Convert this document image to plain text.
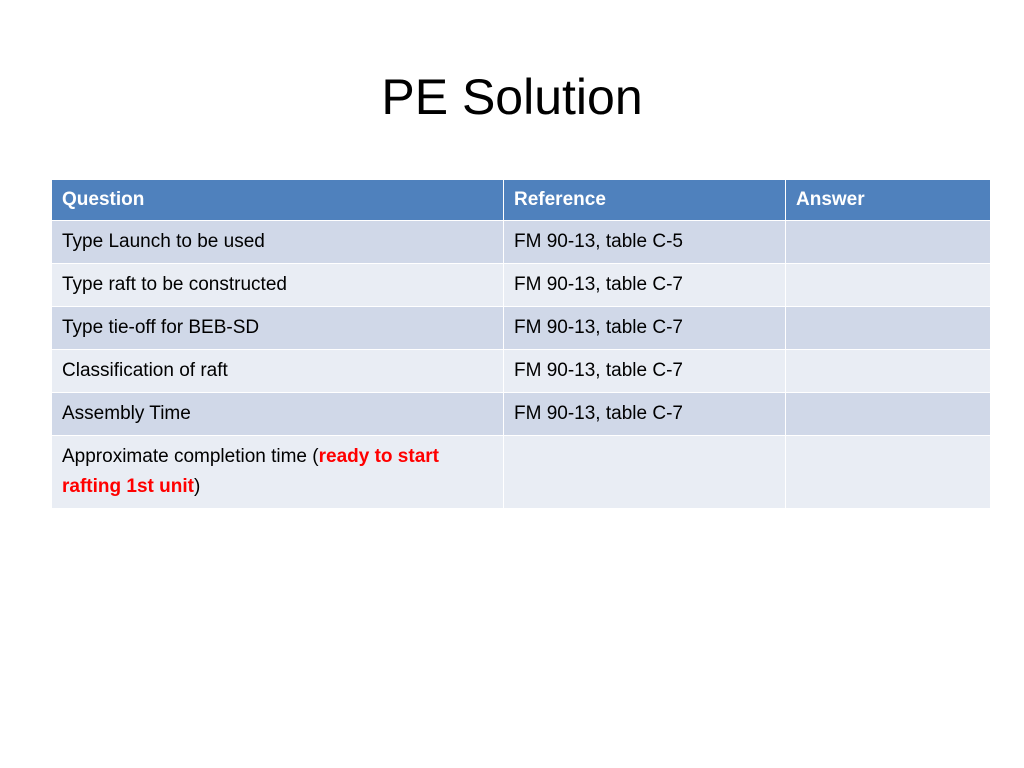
PE Solution
Question	Reference	Answer
Type Launch to be used	FM 90-13, table C-5	
Type raft to be constructed	FM 90-13, table C-7	
Type tie-off for BEB-SD	FM 90-13, table C-7	
Classification of raft	FM 90-13, table C-7	
Assembly Time	FM 90-13, table C-7	
Approximate completion time (ready to start rafting 1st unit)		
